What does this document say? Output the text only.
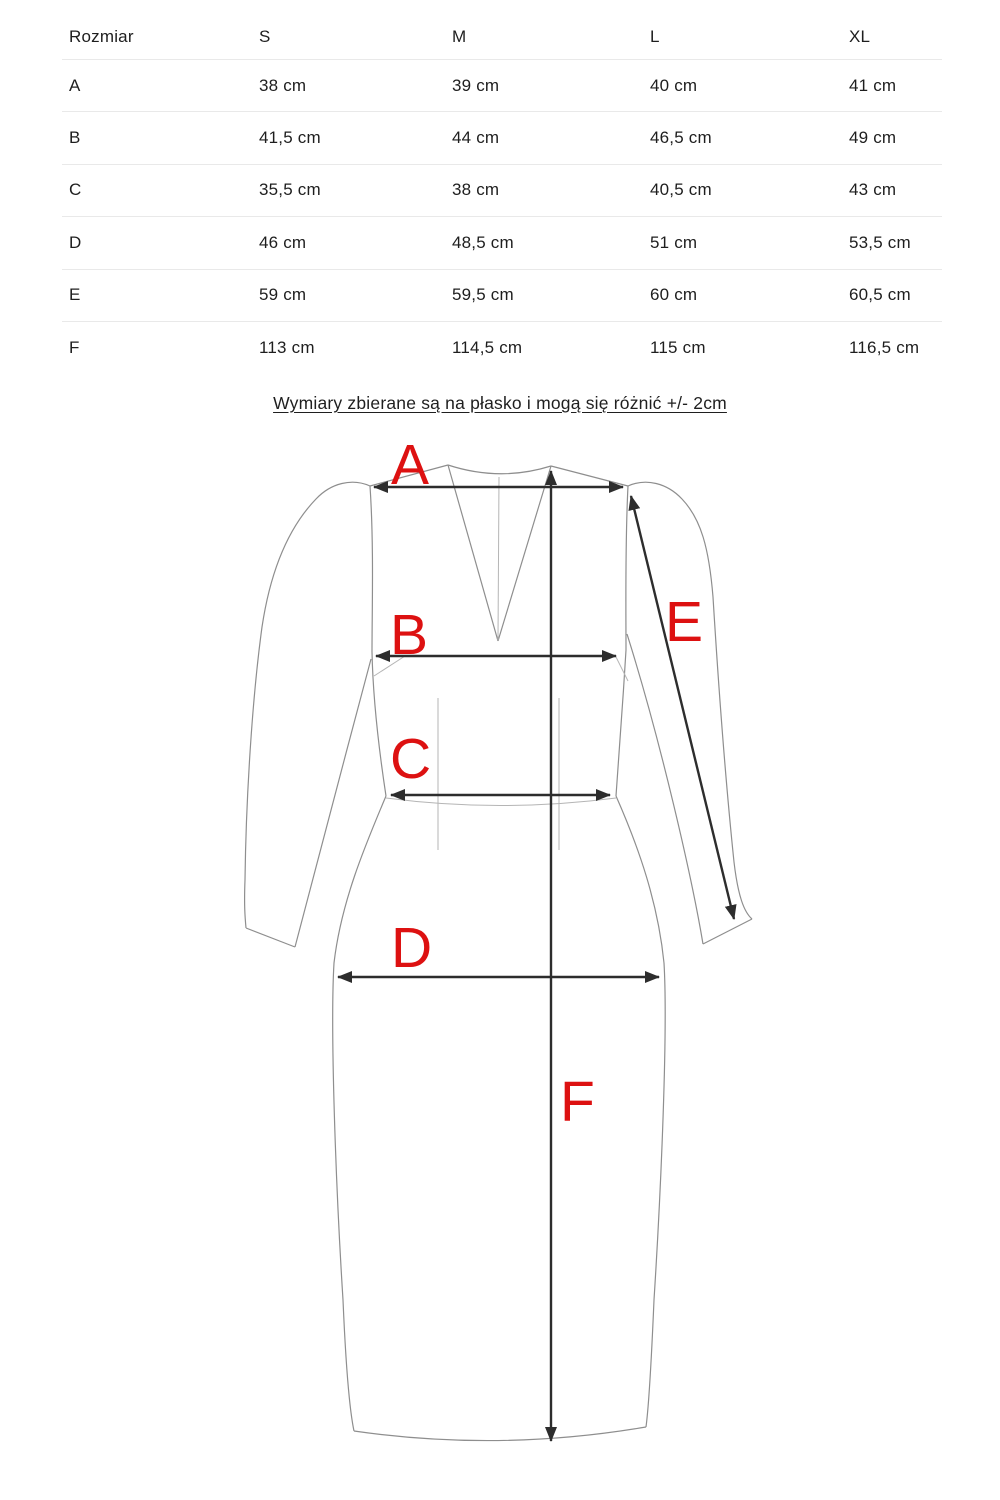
Rozmiar	S	M	L	XL
A	38 cm	39 cm	40 cm	41 cm
B	41,5 cm	44 cm	46,5 cm	49 cm
C	35,5 cm	38 cm	40,5 cm	43 cm
D	46 cm	48,5 cm	51 cm	53,5 cm
E	59 cm	59,5 cm	60 cm	60,5 cm
F	113 cm	114,5 cm	115 cm	116,5 cm
Wymiary zbierane są na płasko i mogą się różnić +/- 2cm
A
B
C
D
E
F
